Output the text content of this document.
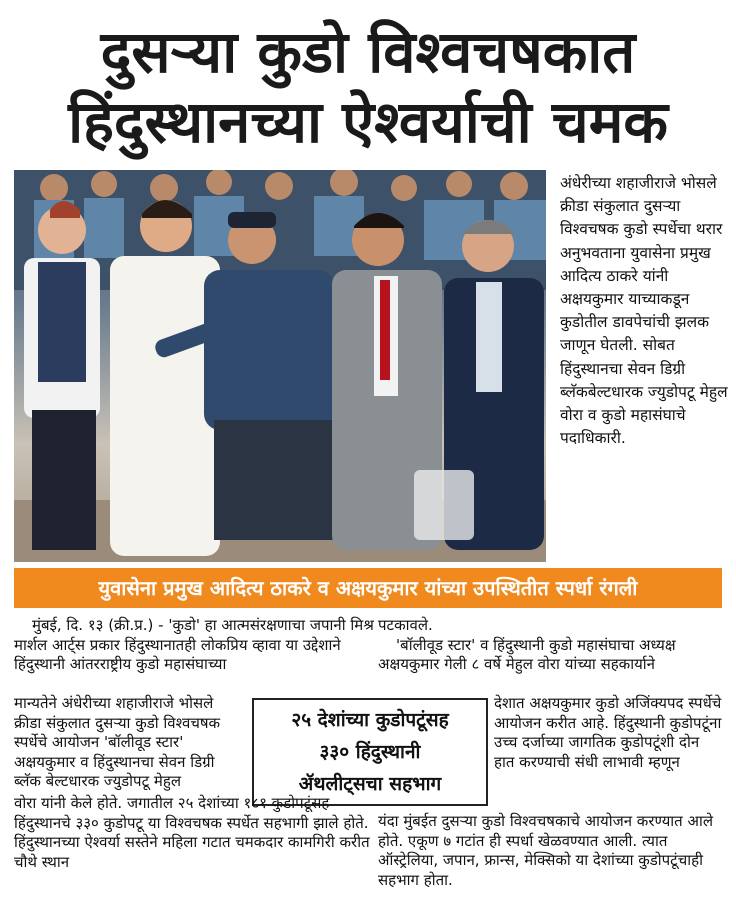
दुसऱ्या कुडो विश्वचषकात
हिंदुस्थानच्या ऐश्वर्याची चमक
अंधेरीच्या शहाजीराजे भोसले क्रीडा संकुलात दुसऱ्या विश्वचषक कुडो स्पर्धेचा थरार अनुभवताना युवासेना प्रमुख आदित्य ठाकरे यांनी अक्षयकुमार याच्याकडून कुडोतील डावपेचांची झलक जाणून घेतली. सोबत हिंदुस्थानचा सेवन डिग्री ब्लॅकबेल्टधारक ज्युडोपटू मेहुल वोरा व कुडो महासंघाचे पदाधिकारी.
युवासेना प्रमुख आदित्य ठाकरे व अक्षयकुमार यांच्या उपस्थितीत स्पर्धा रंगली

मुंबई, दि. १३ (क्री.प्र.) - 'कुडो' हा आत्मसंरक्षणाचा जपानी मिश्र मार्शल आर्ट्स प्रकार हिंदुस्थानातही लोकप्रिय व्हावा या उद्देशाने हिंदुस्थानी आंतरराष्ट्रीय कुडो महासंघाच्या

पटकावले.

'बॉलीवूड स्टार' व हिंदुस्थानी कुडो महासंघाचा अध्यक्ष अक्षयकुमार गेली ८ वर्षे मेहुल वोरा यांच्या सहकार्याने

मान्यतेने अंधेरीच्या शहाजीराजे भोसले क्रीडा संकुलात दुसऱ्या कुडो विश्वचषक स्पर्धेचे आयोजन 'बॉलीवूड स्टार' अक्षयकुमार व हिंदुस्थानचा सेवन डिग्री ब्लॅक बेल्टधारक ज्युडोपटू मेहुल

२५ देशांच्या कुडोपटूंसह
३३० हिंदुस्थानी
ॲथलीट्सचा सहभाग

देशात अक्षयकुमार कुडो अजिंक्यपद स्पर्धेचे आयोजन करीत आहे. हिंदुस्थानी कुडोपटूंना उच्च दर्जाच्या जागतिक कुडोपटूंशी दोन हात करण्याची संधी लाभावी म्हणून

वोरा यांनी केले होते. जगातील २५ देशांच्या १८१ कुडोपटूंसह हिंदुस्थानचे ३३० कुडोपटू या विश्वचषक स्पर्धेत सहभागी झाले होते. हिंदुस्थानच्या ऐश्वर्या सस्तेने महिला गटात चमकदार कामगिरी करीत चौथे स्थान

यंदा मुंबईत दुसऱ्या कुडो विश्वचषकाचे आयोजन करण्यात आले होते. एकूण ७ गटांत ही स्पर्धा खेळवण्यात आली. त्यात ऑस्ट्रेलिया, जपान, फ्रान्स, मेक्सिको या देशांच्या कुडोपटूंचाही सहभाग होता.
